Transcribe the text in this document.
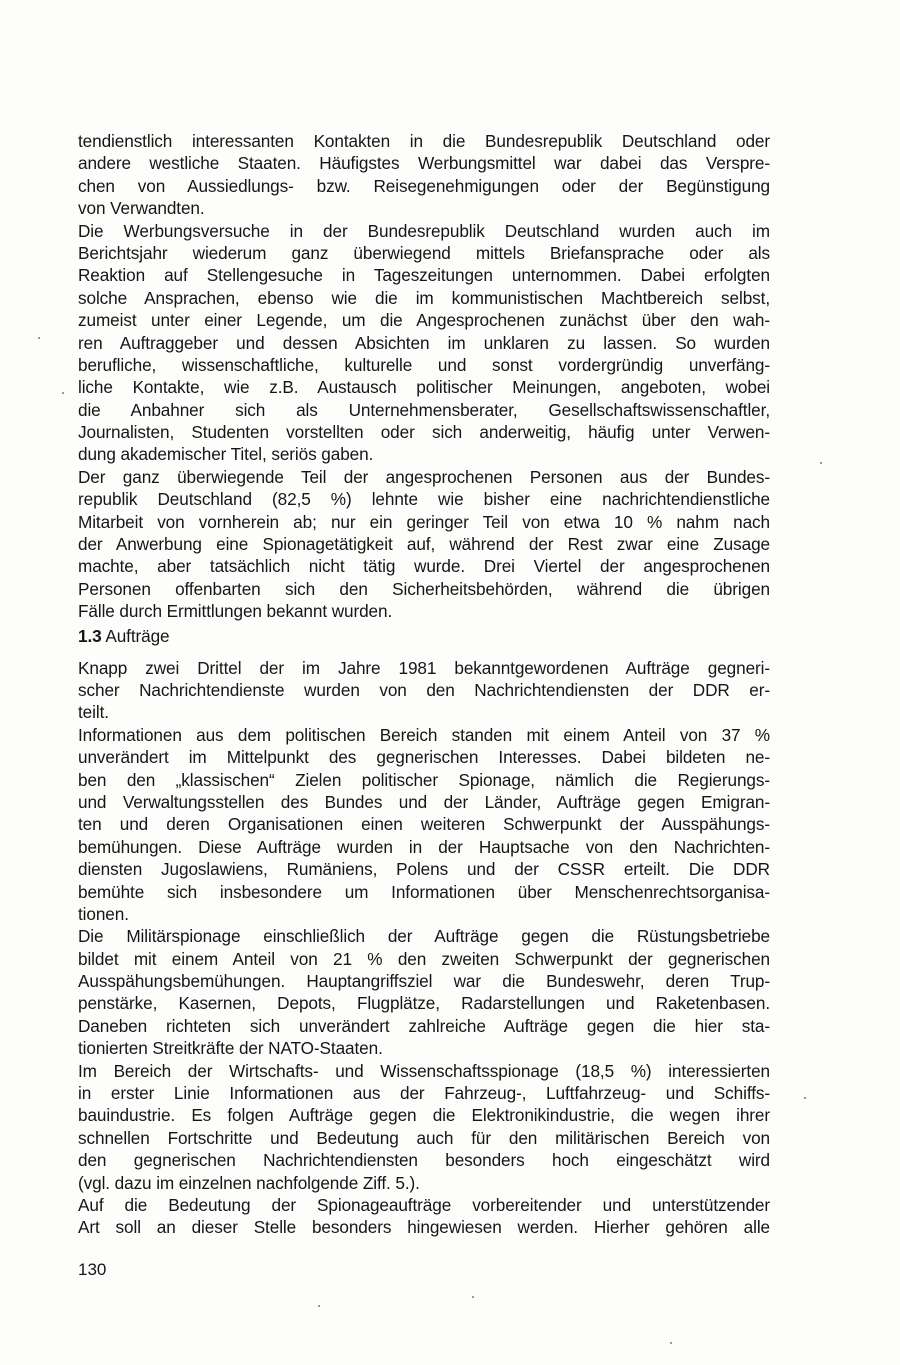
tendienstlich interessanten Kontakten in die Bundesrepublik Deutschland oder
andere westliche Staaten. Häufigstes Werbungsmittel war dabei das Verspre-
chen von Aussiedlungs- bzw. Reisegenehmigungen oder der Begünstigung
von Verwandten.
Die Werbungsversuche in der Bundesrepublik Deutschland wurden auch im
Berichtsjahr wiederum ganz überwiegend mittels Briefansprache oder als
Reaktion auf Stellengesuche in Tageszeitungen unternommen. Dabei erfolgten
solche Ansprachen, ebenso wie die im kommunistischen Machtbereich selbst,
zumeist unter einer Legende, um die Angesprochenen zunächst über den wah-
ren Auftraggeber und dessen Absichten im unklaren zu lassen. So wurden
berufliche, wissenschaftliche, kulturelle und sonst vordergründig unverfäng-
liche Kontakte, wie z.B. Austausch politischer Meinungen, angeboten, wobei
die Anbahner sich als Unternehmensberater, Gesellschaftswissenschaftler,
Journalisten, Studenten vorstellten oder sich anderweitig, häufig unter Verwen-
dung akademischer Titel, seriös gaben.
Der ganz überwiegende Teil der angesprochenen Personen aus der Bundes-
republik Deutschland (82,5 %) lehnte wie bisher eine nachrichtendienstliche
Mitarbeit von vornherein ab; nur ein geringer Teil von etwa 10 % nahm nach
der Anwerbung eine Spionagetätigkeit auf, während der Rest zwar eine Zusage
machte, aber tatsächlich nicht tätig wurde. Drei Viertel der angesprochenen
Personen offenbarten sich den Sicherheitsbehörden, während die übrigen
Fälle durch Ermittlungen bekannt wurden.
1.3 Aufträge
Knapp zwei Drittel der im Jahre 1981 bekanntgewordenen Aufträge gegneri-
scher Nachrichtendienste wurden von den Nachrichtendiensten der DDR er-
teilt.
Informationen aus dem politischen Bereich standen mit einem Anteil von 37 %
unverändert im Mittelpunkt des gegnerischen Interesses. Dabei bildeten ne-
ben den „klassischen“ Zielen politischer Spionage, nämlich die Regierungs-
und Verwaltungsstellen des Bundes und der Länder, Aufträge gegen Emigran-
ten und deren Organisationen einen weiteren Schwerpunkt der Ausspähungs-
bemühungen. Diese Aufträge wurden in der Hauptsache von den Nachrichten-
diensten Jugoslawiens, Rumäniens, Polens und der CSSR erteilt. Die DDR
bemühte sich insbesondere um Informationen über Menschenrechtsorganisa-
tionen.
Die Militärspionage einschließlich der Aufträge gegen die Rüstungsbetriebe
bildet mit einem Anteil von 21 % den zweiten Schwerpunkt der gegnerischen
Ausspähungsbemühungen. Hauptangriffsziel war die Bundeswehr, deren Trup-
penstärke, Kasernen, Depots, Flugplätze, Radarstellungen und Raketenbasen.
Daneben richteten sich unverändert zahlreiche Aufträge gegen die hier sta-
tionierten Streitkräfte der NATO-Staaten.
Im Bereich der Wirtschafts- und Wissenschaftsspionage (18,5 %) interessierten
in erster Linie Informationen aus der Fahrzeug-, Luftfahrzeug- und Schiffs-
bauindustrie. Es folgen Aufträge gegen die Elektronikindustrie, die wegen ihrer
schnellen Fortschritte und Bedeutung auch für den militärischen Bereich von
den gegnerischen Nachrichtendiensten besonders hoch eingeschätzt wird
(vgl. dazu im einzelnen nachfolgende Ziff. 5.).
Auf die Bedeutung der Spionageaufträge vorbereitender und unterstützender
Art soll an dieser Stelle besonders hingewiesen werden. Hierher gehören alle
130
